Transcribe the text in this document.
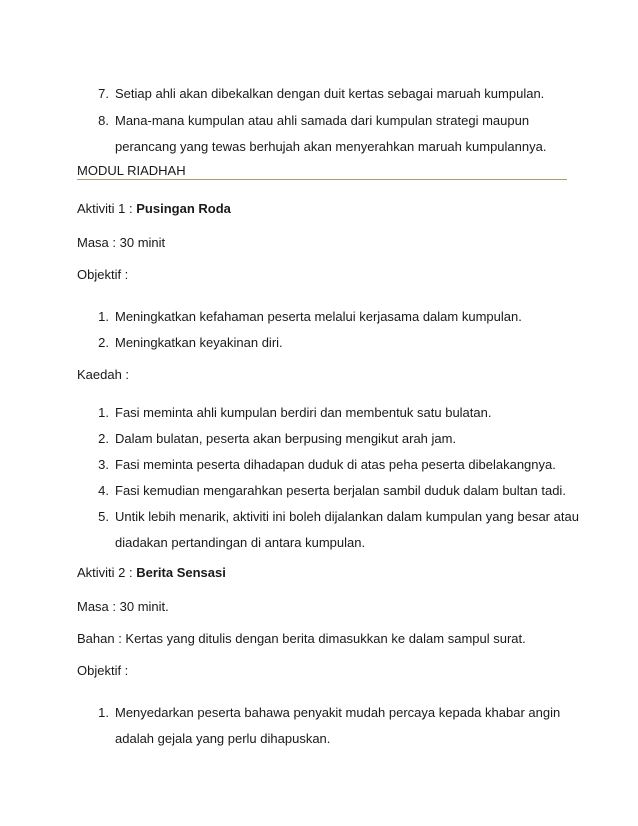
7. Setiap ahli akan dibekalkan dengan duit kertas sebagai maruah kumpulan.
8. Mana-mana kumpulan atau ahli samada dari kumpulan strategi maupun
perancang yang tewas berhujah akan menyerahkan maruah kumpulannya.
MODUL RIADHAH
Aktiviti 1 : Pusingan Roda
Masa : 30 minit
Objektif :
1. Meningkatkan kefahaman peserta melalui kerjasama dalam kumpulan.
2. Meningkatkan keyakinan diri.
Kaedah :
1. Fasi meminta ahli kumpulan berdiri dan membentuk satu bulatan.
2. Dalam bulatan, peserta akan berpusing mengikut arah jam.
3. Fasi meminta peserta dihadapan duduk di atas peha peserta dibelakangnya.
4. Fasi kemudian mengarahkan peserta berjalan sambil duduk dalam bultan tadi.
5. Untik lebih menarik, aktiviti ini boleh dijalankan dalam kumpulan yang besar atau
diadakan pertandingan di antara kumpulan.
Aktiviti 2 : Berita Sensasi
Masa : 30 minit.
Bahan : Kertas yang ditulis dengan berita dimasukkan ke dalam sampul surat.
Objektif :
1. Menyedarkan peserta bahawa penyakit mudah percaya kepada khabar angin
adalah gejala yang perlu dihapuskan.
